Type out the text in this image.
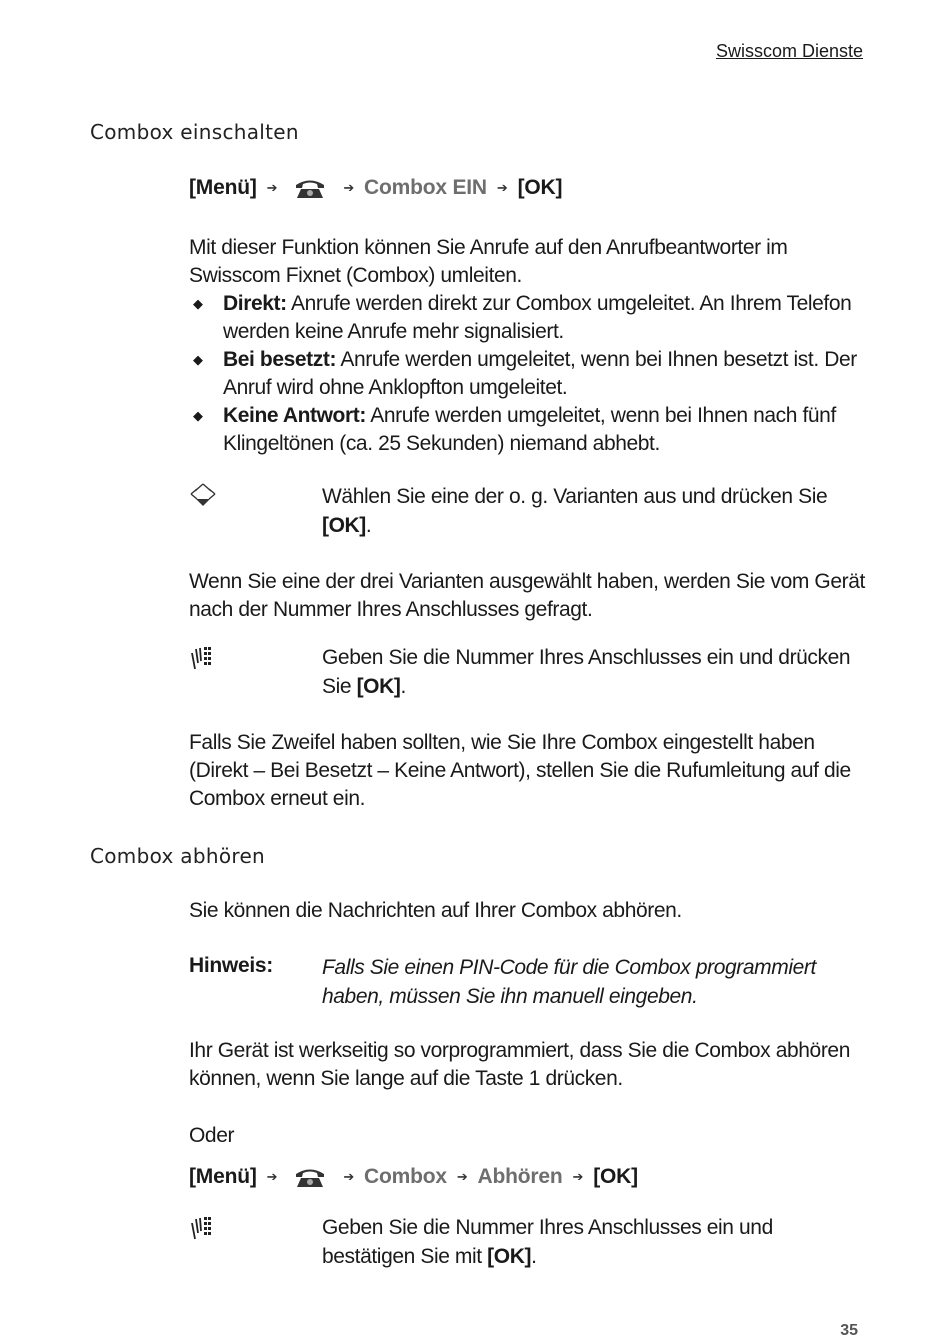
Swisscom Dienste
Combox einschalten
[Menü] ➔	➔ Combox EIN ➔ [OK]
Mit dieser Funktion können Sie Anrufe auf den Anrufbeantworter im Swisscom Fixnet (Combox) umleiten.
◆ Direkt: Anrufe werden direkt zur Combox umgeleitet. An Ihrem Telefon werden keine Anrufe mehr signalisiert.
◆ Bei besetzt: Anrufe werden umgeleitet, wenn bei Ihnen besetzt ist. Der Anruf wird ohne Anklopfton umgeleitet.
◆ Keine Antwort: Anrufe werden umgeleitet, wenn bei Ihnen nach fünf Klingeltönen (ca. 25 Sekunden) niemand abhebt.
Wählen Sie eine der o. g. Varianten aus und drücken Sie [OK].
Wenn Sie eine der drei Varianten ausgewählt haben, werden Sie vom Gerät nach der Nummer Ihres Anschlusses gefragt.
Geben Sie die Nummer Ihres Anschlusses ein und drücken Sie [OK].
Falls Sie Zweifel haben sollten, wie Sie Ihre Combox eingestellt haben (Direkt – Bei Besetzt – Keine Antwort), stellen Sie die Rufumleitung auf die Combox erneut ein.
Combox abhören
Sie können die Nachrichten auf Ihrer Combox abhören.
Hinweis: Falls Sie einen PIN-Code für die Combox programmiert haben, müssen Sie ihn manuell eingeben.
Ihr Gerät ist werkseitig so vorprogrammiert, dass Sie die Combox abhören können, wenn Sie lange auf die Taste 1 drücken.
Oder
[Menü] ➔	➔ Combox ➔ Abhören ➔ [OK]
Geben Sie die Nummer Ihres Anschlusses ein und bestätigen Sie mit [OK].
35
